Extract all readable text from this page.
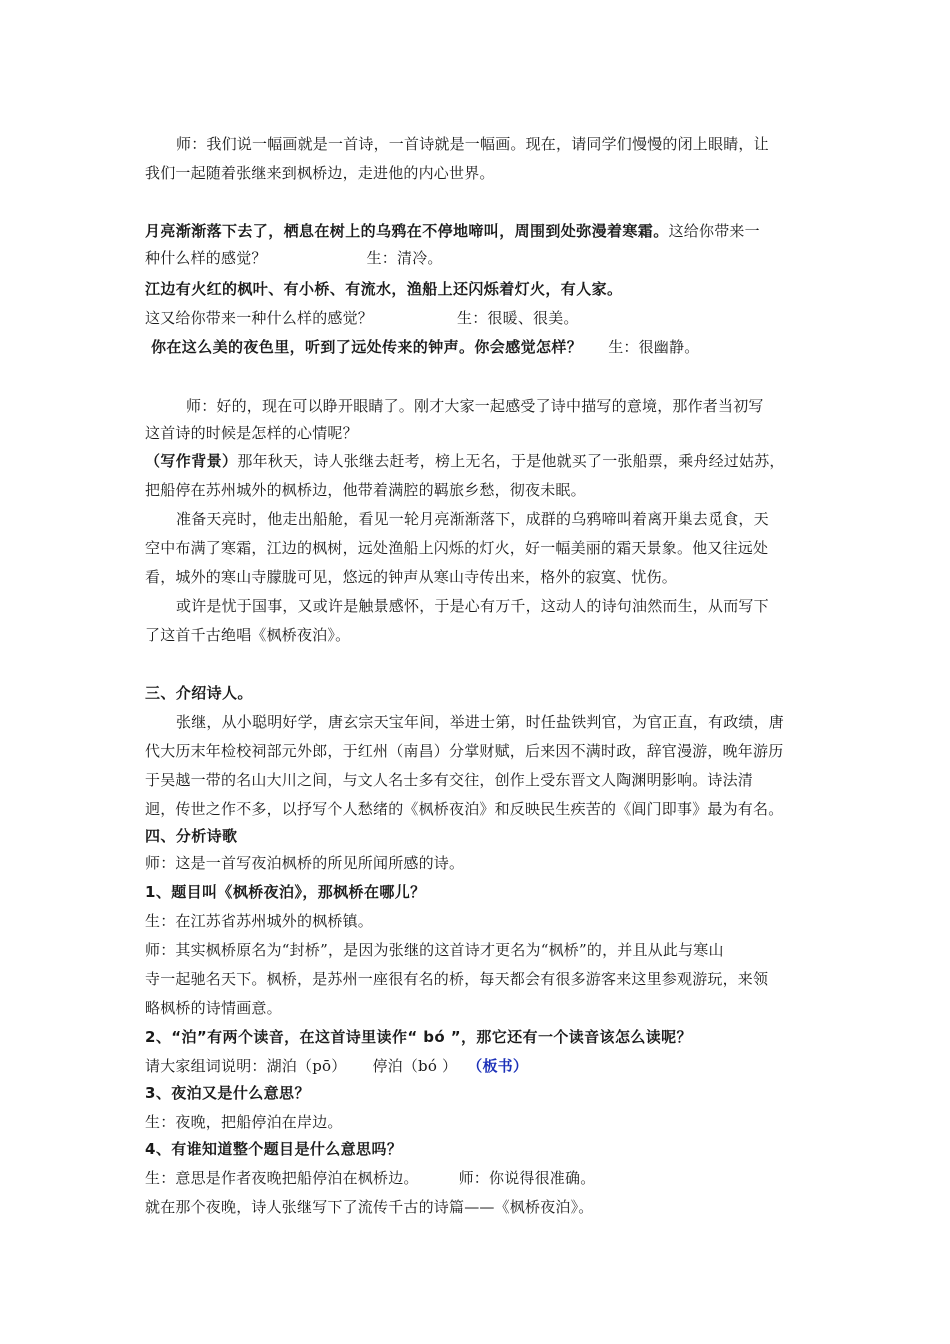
师：我们说一幅画就是一首诗，一首诗就是一幅画。现在，请同学们慢慢的闭上眼睛，让
我们一起随着张继来到枫桥边，走进他的内心世界。
月亮渐渐落下去了，栖息在树上的乌鸦在不停地啼叫，周围到处弥漫着寒霜。这给你带来一
种什么样的感觉？	生：清冷。
江边有火红的枫叶、有小桥、有流水，渔船上还闪烁着灯火，有人家。
这又给你带来一种什么样的感觉？	生：很暖、很美。
你在这么美的夜色里，听到了远处传来的钟声。你会感觉怎样？ 生：很幽静。
师：好的，现在可以睁开眼睛了。刚才大家一起感受了诗中描写的意境，那作者当初写
这首诗的时候是怎样的心情呢？
（写作背景）那年秋天，诗人张继去赶考，榜上无名，于是他就买了一张船票，乘舟经过姑苏，
把船停在苏州城外的枫桥边，他带着满腔的羁旅乡愁，彻夜未眠。
准备天亮时，他走出船舱，看见一轮月亮渐渐落下，成群的乌鸦啼叫着离开巢去觅食，天
空中布满了寒霜，江边的枫树，远处渔船上闪烁的灯火，好一幅美丽的霜天景象。他又往远处
看，城外的寒山寺朦胧可见，悠远的钟声从寒山寺传出来，格外的寂寞、忧伤。
或许是忧于国事，又或许是触景感怀，于是心有万千，这动人的诗句油然而生，从而写下
了这首千古绝唱《枫桥夜泊》。
三、介绍诗人。
张继，从小聪明好学，唐玄宗天宝年间，举进士第，时任盐铁判官，为官正直，有政绩，唐
代大历末年检校祠部元外郎，于红州（南昌）分掌财赋，后来因不满时政，辞官漫游，晚年游历
于吴越一带的名山大川之间，与文人名士多有交往，创作上受东晋文人陶渊明影响。诗法清
迥，传世之作不多，以抒写个人愁绪的《枫桥夜泊》和反映民生疾苦的《阊门即事》最为有名。
四、分析诗歌
师：这是一首写夜泊枫桥的所见所闻所感的诗。
1、题目叫《枫桥夜泊》，那枫桥在哪儿？
生：在江苏省苏州城外的枫桥镇。
师：其实枫桥原名为“封桥”，是因为张继的这首诗才更名为“枫桥”的，并且从此与寒山
寺一起驰名天下。枫桥，是苏州一座很有名的桥，每天都会有很多游客来这里参观游玩，来领
略枫桥的诗情画意。
2、“泊”有两个读音，在这首诗里读作“ bó ”，那它还有一个读音该怎么读呢？
请大家组词说明：湖泊（pō） 停泊（bó ） （板书）
3、夜泊又是什么意思？
生：夜晚，把船停泊在岸边。
4、有谁知道整个题目是什么意思吗？
生：意思是作者夜晚把船停泊在枫桥边。	师：你说得很准确。
就在那个夜晚，诗人张继写下了流传千古的诗篇——《枫桥夜泊》。
